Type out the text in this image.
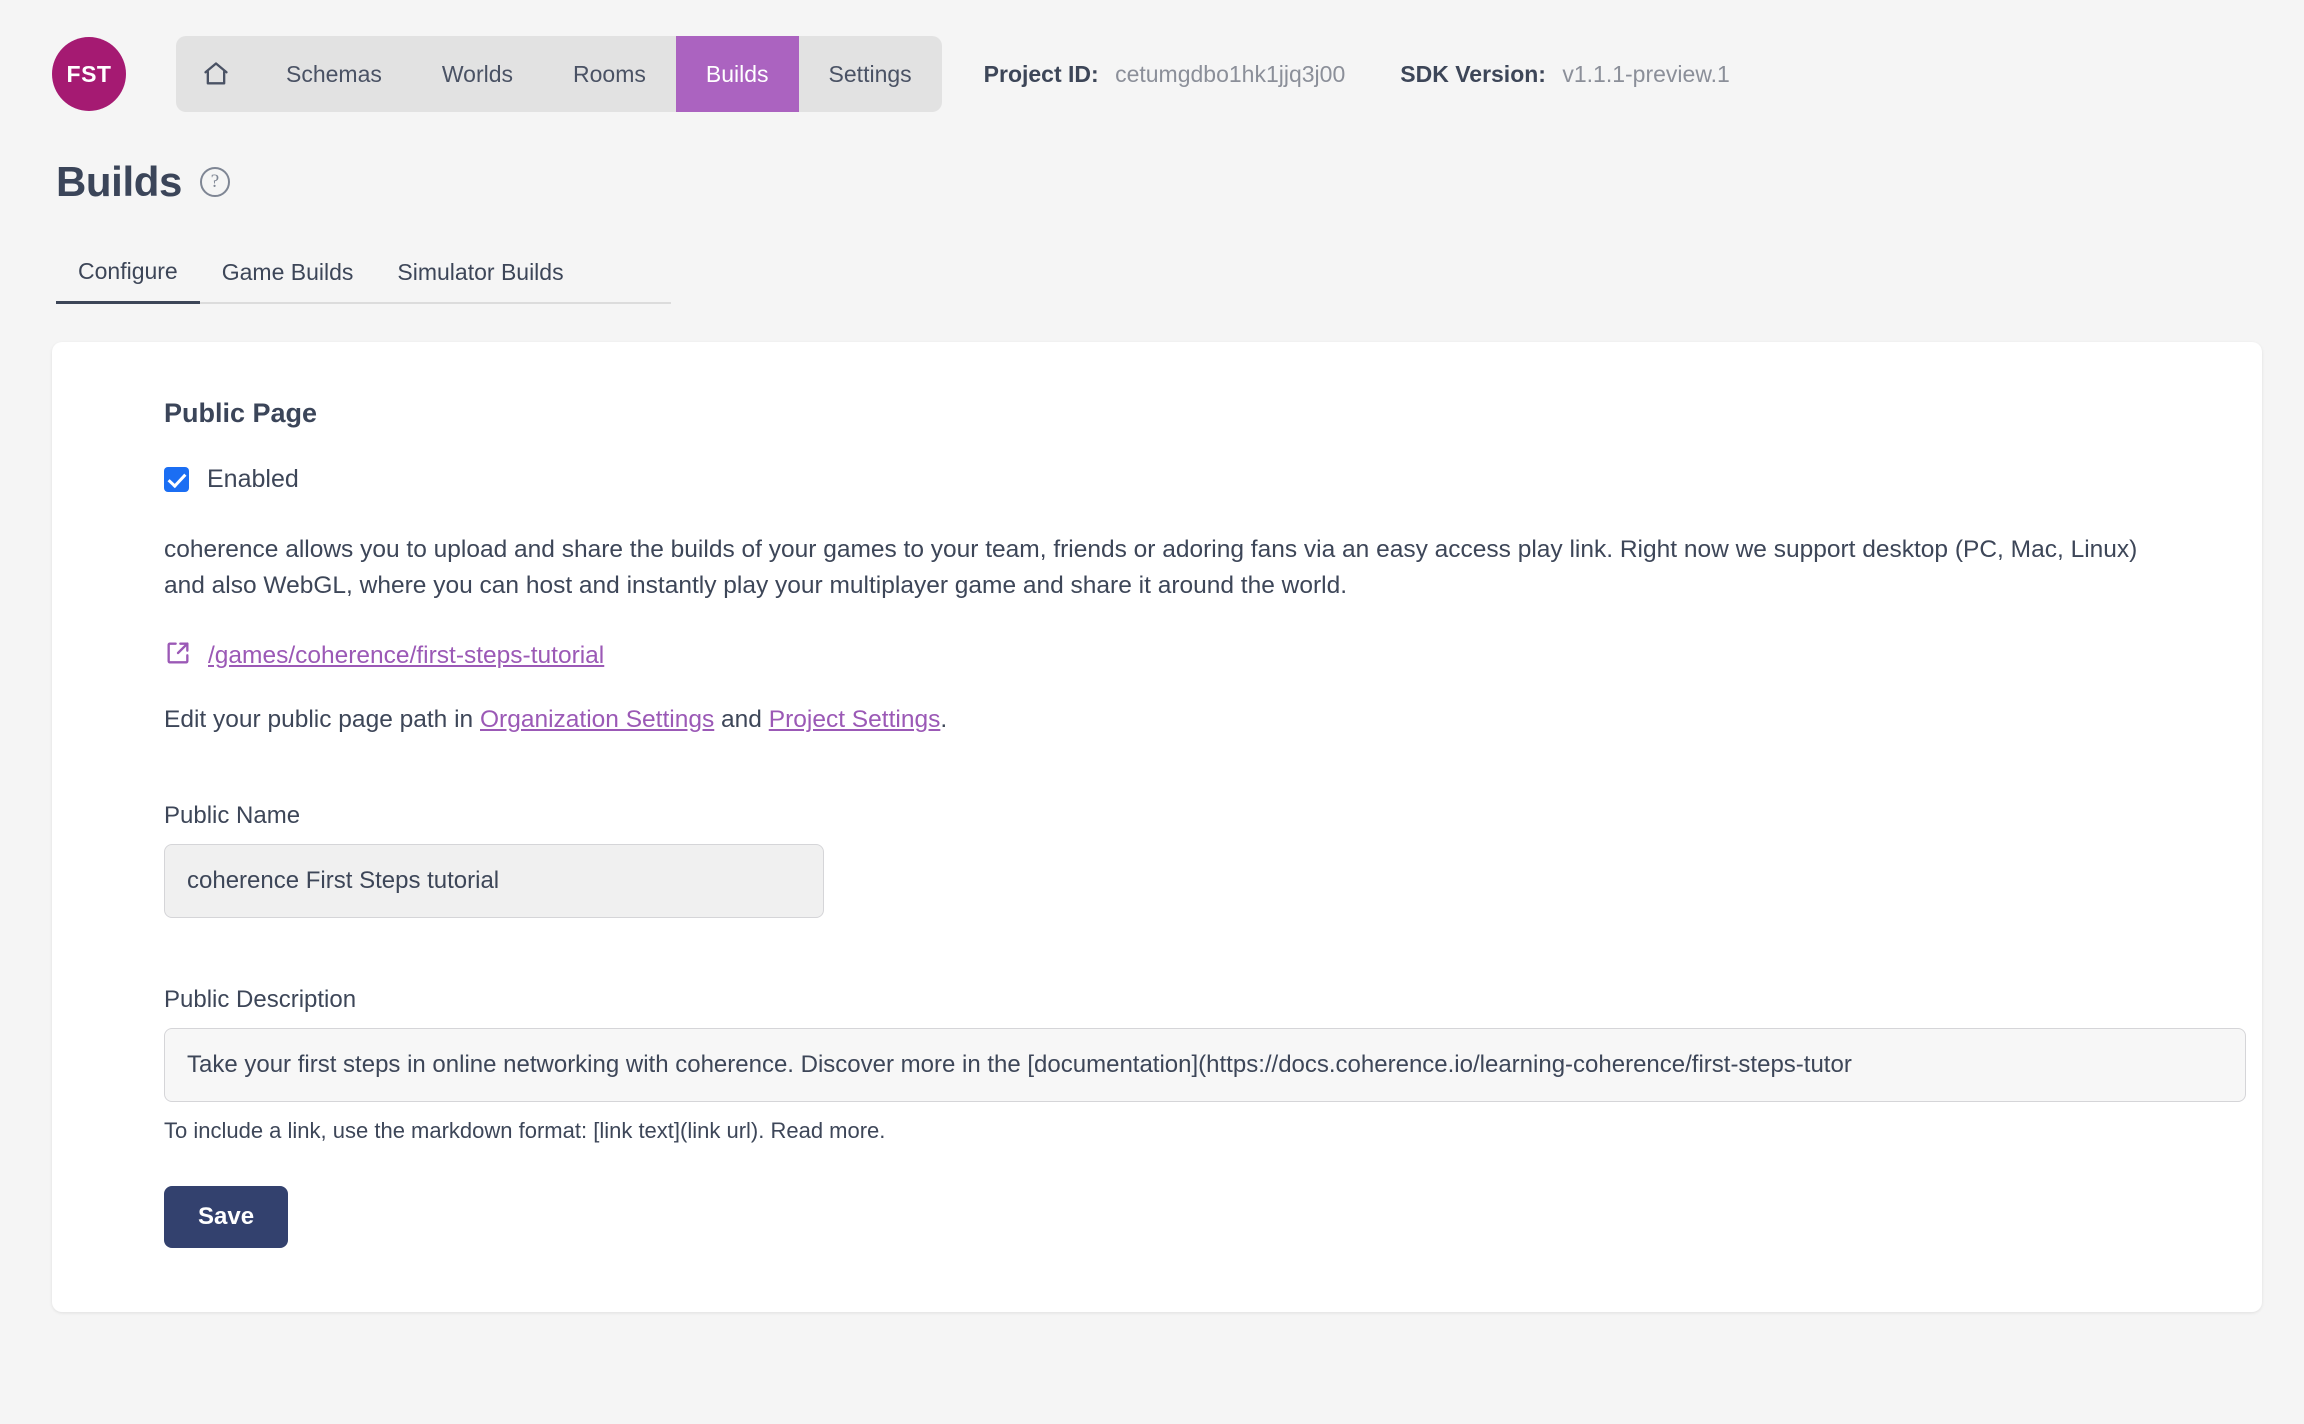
FST	Schemas	Worlds	Rooms	Builds	Settings	Project ID: cetumgdbo1hk1jjq3j00 SDK Version: v1.1.1-preview.1
Builds	?
Configure	Game Builds	Simulator Builds
Public Page
Enabled

coherence allows you to upload and share the builds of your games to your team, friends or adoring fans via an easy access play link. Right now we support desktop (PC, Mac, Linux) and also WebGL, where you can host and instantly play your multiplayer game and share it around the world.

/games/coherence/first-steps-tutorial
Edit your public page path in Organization Settings and Project Settings.
Public Name
coherence First Steps tutorial
Public Description
Take your first steps in online networking with coherence. Discover more in the [documentation](https://docs.coherence.io/learning-coherence/first-steps-tutor
To include a link, use the markdown format: [link text](link url). Read more.
Save
